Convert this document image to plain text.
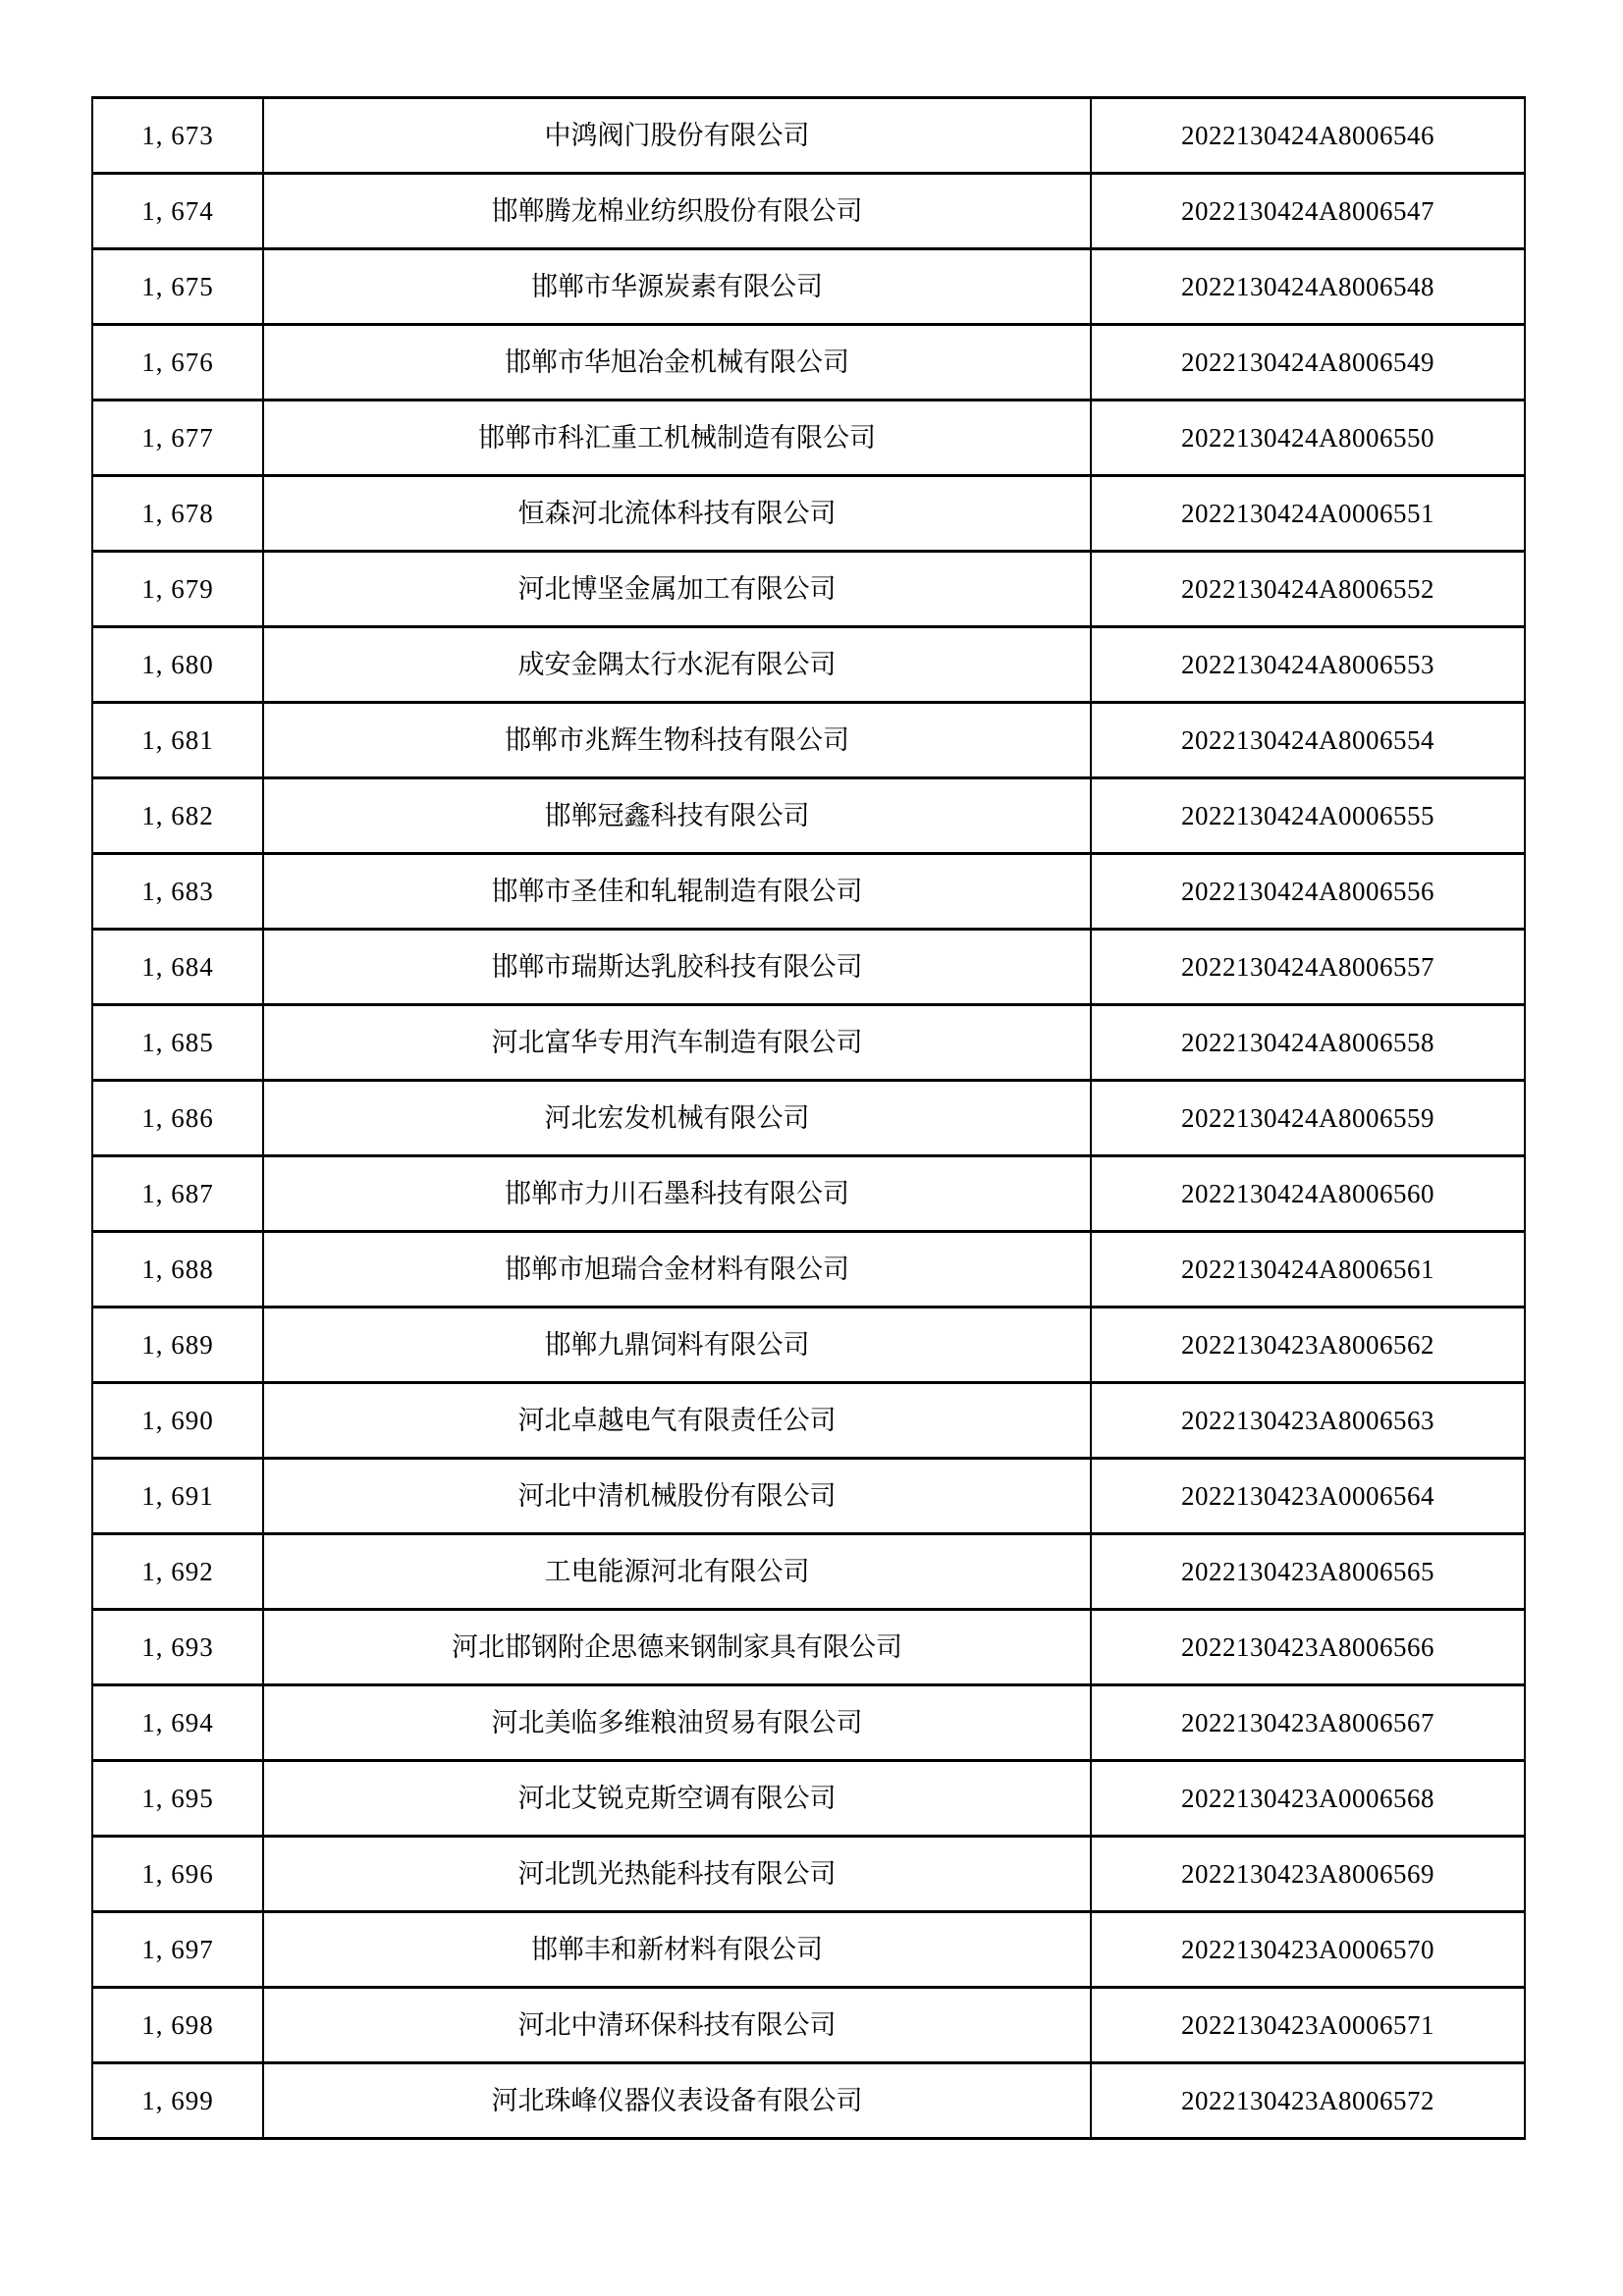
1, 673	中鸿阀门股份有限公司	2022130424A8006546
1, 674	邯郸腾龙棉业纺织股份有限公司	2022130424A8006547
1, 675	邯郸市华源炭素有限公司	2022130424A8006548
1, 676	邯郸市华旭冶金机械有限公司	2022130424A8006549
1, 677	邯郸市科汇重工机械制造有限公司	2022130424A8006550
1, 678	恒森河北流体科技有限公司	2022130424A0006551
1, 679	河北博坚金属加工有限公司	2022130424A8006552
1, 680	成安金隅太行水泥有限公司	2022130424A8006553
1, 681	邯郸市兆辉生物科技有限公司	2022130424A8006554
1, 682	邯郸冠鑫科技有限公司	2022130424A0006555
1, 683	邯郸市圣佳和轧辊制造有限公司	2022130424A8006556
1, 684	邯郸市瑞斯达乳胶科技有限公司	2022130424A8006557
1, 685	河北富华专用汽车制造有限公司	2022130424A8006558
1, 686	河北宏发机械有限公司	2022130424A8006559
1, 687	邯郸市力川石墨科技有限公司	2022130424A8006560
1, 688	邯郸市旭瑞合金材料有限公司	2022130424A8006561
1, 689	邯郸九鼎饲料有限公司	2022130423A8006562
1, 690	河北卓越电气有限责任公司	2022130423A8006563
1, 691	河北中清机械股份有限公司	2022130423A0006564
1, 692	工电能源河北有限公司	2022130423A8006565
1, 693	河北邯钢附企思德来钢制家具有限公司	2022130423A8006566
1, 694	河北美临多维粮油贸易有限公司	2022130423A8006567
1, 695	河北艾锐克斯空调有限公司	2022130423A0006568
1, 696	河北凯光热能科技有限公司	2022130423A8006569
1, 697	邯郸丰和新材料有限公司	2022130423A0006570
1, 698	河北中清环保科技有限公司	2022130423A0006571
1, 699	河北珠峰仪器仪表设备有限公司	2022130423A8006572
